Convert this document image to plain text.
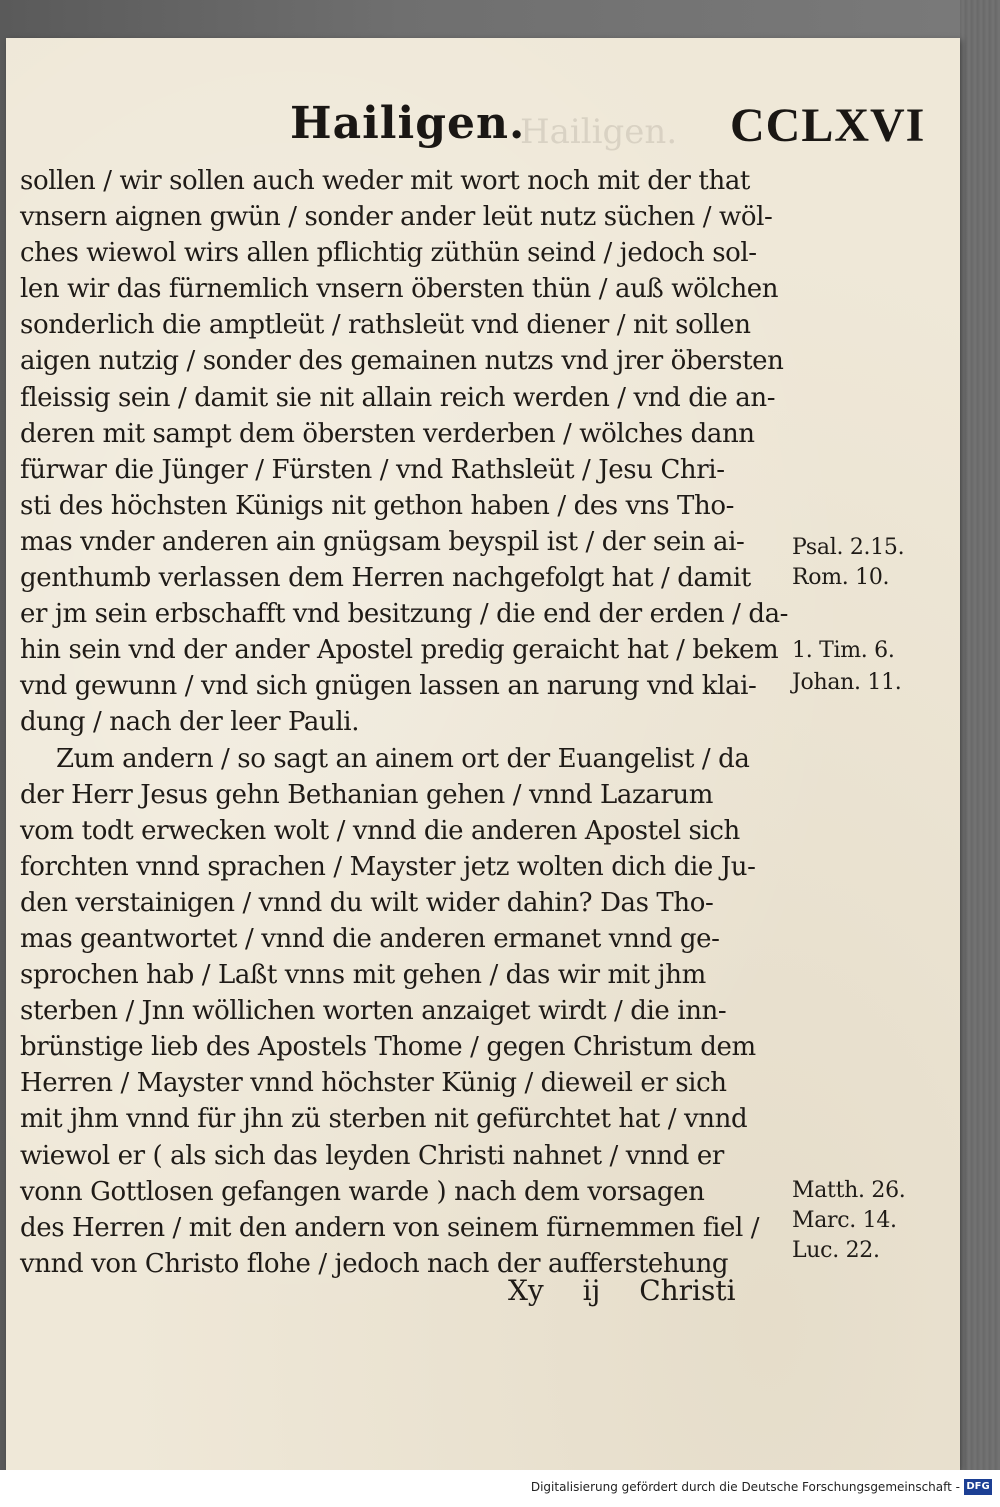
Hailigen.
Hailigen.	CCLXVI
sollen / wir sollen auch weder mit wort noch mit der that
vnsern aignen gwün / sonder ander leüt nutz süchen / wöl-
ches wiewol wirs allen pflichtig züthün seind / jedoch sol-
len wir das fürnemlich vnsern öbersten thün / auß wölchen
sonderlich die amptleüt / rathsleüt vnd diener / nit sollen
aigen nutzig / sonder des gemainen nutzs vnd jrer öbersten
fleissig sein / damit sie nit allain reich werden / vnd die an-
deren mit sampt dem öbersten verderben / wölches dann
fürwar die Jünger / Fürsten / vnd Rathsleüt / Jesu Chri-
sti des höchsten Künigs nit gethon haben / des vns Tho-
mas vnder anderen ain gnügsam beyspil ist / der sein ai-
genthumb verlassen dem Herren nachgefolgt hat / damit
er jm sein erbschafft vnd besitzung / die end der erden / da-
hin sein vnd der ander Apostel predig geraicht hat / bekem
vnd gewunn / vnd sich gnügen lassen an narung vnd klai-
dung / nach der leer Pauli.
Zum andern / so sagt an ainem ort der Euangelist / da
der Herr Jesus gehn Bethanian gehen / vnnd Lazarum
vom todt erwecken wolt / vnnd die anderen Apostel sich
forchten vnnd sprachen / Mayster jetz wolten dich die Ju-
den verstainigen / vnnd du wilt wider dahin? Das Tho-
mas geantwortet / vnnd die anderen ermanet vnnd ge-
sprochen hab / Laßt vnns mit gehen / das wir mit jhm
sterben / Jnn wöllichen worten anzaiget wirdt / die inn-
brünstige lieb des Apostels Thome / gegen Christum dem
Herren / Mayster vnnd höchster Künig / dieweil er sich
mit jhm vnnd für jhn zü sterben nit gefürchtet hat / vnnd
wiewol er ( als sich das leyden Christi nahnet / vnnd er
vonn Gottlosen gefangen warde ) nach dem vorsagen
des Herren / mit den andern von seinem fürnemmen fiel /
vnnd von Christo flohe / jedoch nach der aufferstehung
Psal. 2.15.
Rom. 10.
1. Tim. 6.
Johan. 11.
Matth. 26.
Marc. 14.
Luc. 22.
Xy ij Christi
Digitalisierung gefördert durch die Deutsche Forschungsgemeinschaft - DFG
